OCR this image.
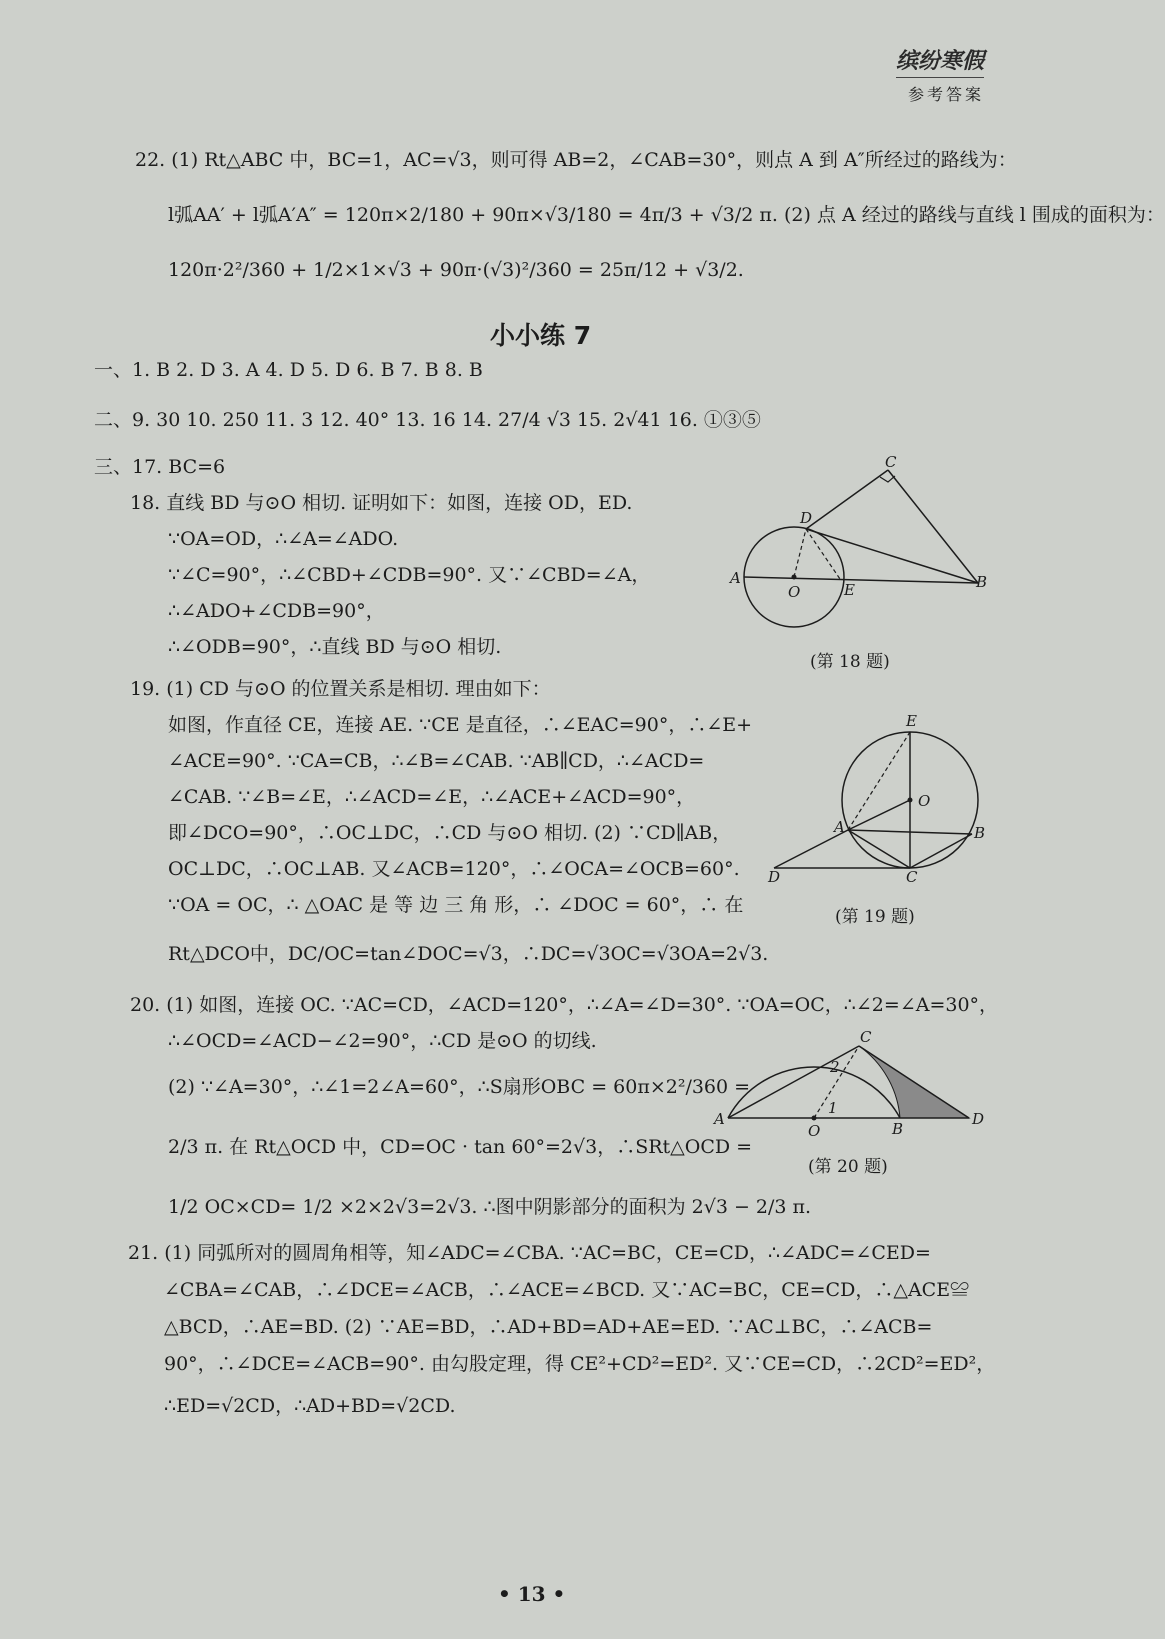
缤纷寒假
参考答案
22. (1) Rt△ABC 中，BC=1，AC=√3，则可得 AB=2，∠CAB=30°，则点 A 到 A″所经过的路线为：
l弧AA′ + l弧A′A″ = 120π×2/180 + 90π×√3/180 = 4π/3 + √3/2 π. (2) 点 A 经过的路线与直线 l 围成的面积为：
120π·2²/360 + 1/2×1×√3 + 90π·(√3)²/360 = 25π/12 + √3/2.
小小练 7
一、1. B 2. D 3. A 4. D 5. D 6. B 7. B 8. B
二、9. 30 10. 250 11. 3 12. 40° 13. 16 14. 27/4 √3 15. 2√41 16. ①③⑤
三、17. BC=6
18. 直线 BD 与⊙O 相切. 证明如下：如图，连接 OD，ED.
∵OA=OD，∴∠A=∠ADO.
∵∠C=90°，∴∠CBD+∠CDB=90°. 又∵∠CBD=∠A，
∴∠ADO+∠CDB=90°，
∴∠ODB=90°，∴直线 BD 与⊙O 相切.
C
D
A
O	E	B
(第 18 题)
19. (1) CD 与⊙O 的位置关系是相切. 理由如下：
如图，作直径 CE，连接 AE. ∵CE 是直径，∴∠EAC=90°，∴∠E+
∠ACE=90°. ∵CA=CB，∴∠B=∠CAB. ∵AB∥CD，∴∠ACD=
∠CAB. ∵∠B=∠E，∴∠ACD=∠E，∴∠ACE+∠ACD=90°，
即∠DCO=90°，∴OC⊥DC，∴CD 与⊙O 相切. (2) ∵CD∥AB，
OC⊥DC，∴OC⊥AB. 又∠ACB=120°，∴∠OCA=∠OCB=60°.
∵OA = OC，∴ △OAC 是 等 边 三 角 形，∴ ∠DOC = 60°，∴ 在
Rt△DCO中，DC/OC=tan∠DOC=√3，∴DC=√3OC=√3OA=2√3.
E
O
A	B
D	C
(第 19 题)
20. (1) 如图，连接 OC. ∵AC=CD，∠ACD=120°，∴∠A=∠D=30°. ∵OA=OC，∴∠2=∠A=30°，
∴∠OCD=∠ACD−∠2=90°，∴CD 是⊙O 的切线.
(2) ∵∠A=30°，∴∠1=2∠A=60°，∴S扇形OBC = 60π×2²/360 =
2/3 π. 在 Rt△OCD 中，CD=OC · tan 60°=2√3，∴SRt△OCD =
1/2 OC×CD= 1/2 ×2×2√3=2√3. ∴图中阴影部分的面积为 2√3 − 2/3 π.
C
2
1
A
O	B
D
(第 20 题)
21. (1) 同弧所对的圆周角相等，知∠ADC=∠CBA. ∵AC=BC，CE=CD，∴∠ADC=∠CED=
∠CBA=∠CAB，∴∠DCE=∠ACB，∴∠ACE=∠BCD. 又∵AC=BC，CE=CD，∴△ACE≌
△BCD，∴AE=BD. (2) ∵AE=BD，∴AD+BD=AD+AE=ED. ∵AC⊥BC，∴∠ACB=
90°，∴∠DCE=∠ACB=90°. 由勾股定理，得 CE²+CD²=ED². 又∵CE=CD，∴2CD²=ED²，
∴ED=√2CD，∴AD+BD=√2CD.
• 13 •
